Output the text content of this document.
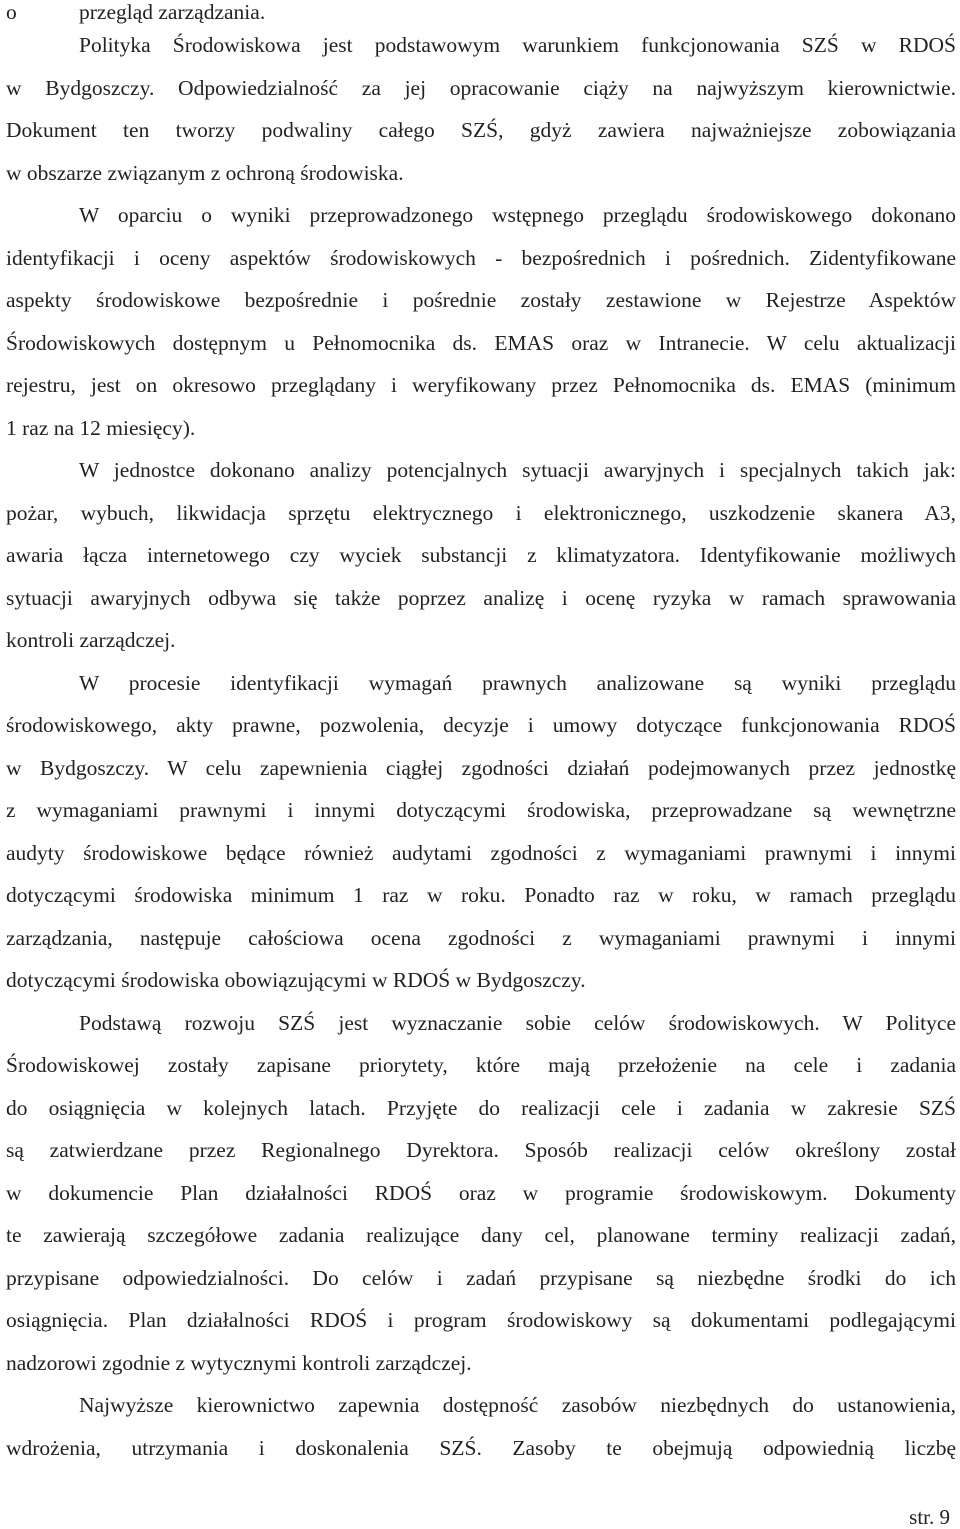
o	przegląd zarządzania.
Polityka Środowiskowa jest podstawowym warunkiem funkcjonowania SZŚ w RDOŚ
w Bydgoszczy. Odpowiedzialność za jej opracowanie ciąży na najwyższym kierownictwie.
Dokument ten tworzy podwaliny całego SZŚ, gdyż zawiera najważniejsze zobowiązania
w obszarze związanym z ochroną środowiska.
W oparciu o wyniki przeprowadzonego wstępnego przeglądu środowiskowego dokonano
identyfikacji i oceny aspektów środowiskowych - bezpośrednich i pośrednich. Zidentyfikowane
aspekty środowiskowe bezpośrednie i pośrednie zostały zestawione w Rejestrze Aspektów
Środowiskowych dostępnym u Pełnomocnika ds. EMAS oraz w Intranecie. W celu aktualizacji
rejestru, jest on okresowo przeglądany i weryfikowany przez Pełnomocnika ds. EMAS (minimum
1 raz na 12 miesięcy).
W jednostce dokonano analizy potencjalnych sytuacji awaryjnych i specjalnych takich jak:
pożar, wybuch, likwidacja sprzętu elektrycznego i elektronicznego, uszkodzenie skanera A3,
awaria łącza internetowego czy wyciek substancji z klimatyzatora. Identyfikowanie możliwych
sytuacji awaryjnych odbywa się także poprzez analizę i ocenę ryzyka w ramach sprawowania
kontroli zarządczej.
W procesie identyfikacji wymagań prawnych analizowane są wyniki przeglądu
środowiskowego, akty prawne, pozwolenia, decyzje i umowy dotyczące funkcjonowania RDOŚ
w Bydgoszczy. W celu zapewnienia ciągłej zgodności działań podejmowanych przez jednostkę
z wymaganiami prawnymi i innymi dotyczącymi środowiska, przeprowadzane są wewnętrzne
audyty środowiskowe będące również audytami zgodności z wymaganiami prawnymi i innymi
dotyczącymi środowiska minimum 1 raz w roku. Ponadto raz w roku, w ramach przeglądu
zarządzania, następuje całościowa ocena zgodności z wymaganiami prawnymi i innymi
dotyczącymi środowiska obowiązującymi w RDOŚ w Bydgoszczy.
Podstawą rozwoju SZŚ jest wyznaczanie sobie celów środowiskowych. W Polityce
Środowiskowej zostały zapisane priorytety, które mają przełożenie na cele i zadania
do osiągnięcia w kolejnych latach. Przyjęte do realizacji cele i zadania w zakresie SZŚ
są zatwierdzane przez Regionalnego Dyrektora. Sposób realizacji celów określony został
w dokumencie Plan działalności RDOŚ oraz w programie środowiskowym. Dokumenty
te zawierają szczegółowe zadania realizujące dany cel, planowane terminy realizacji zadań,
przypisane odpowiedzialności. Do celów i zadań przypisane są niezbędne środki do ich
osiągnięcia. Plan działalności RDOŚ i program środowiskowy są dokumentami podlegającymi
nadzorowi zgodnie z wytycznymi kontroli zarządczej.
Najwyższe kierownictwo zapewnia dostępność zasobów niezbędnych do ustanowienia,
wdrożenia, utrzymania i doskonalenia SZŚ. Zasoby te obejmują odpowiednią liczbę
str. 9
